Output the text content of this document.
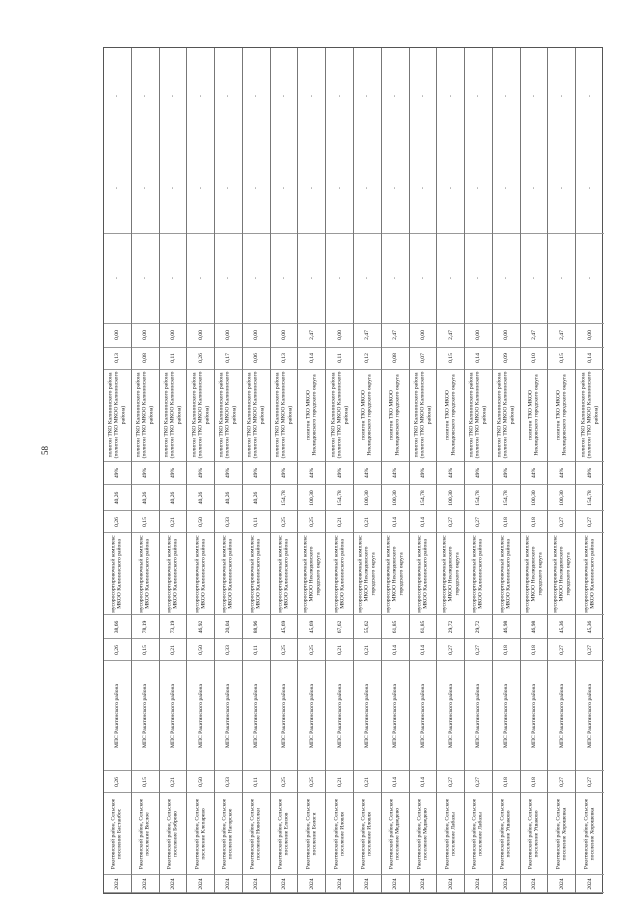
58
2024
Ракитянский район, Сельское поселение Бастанбос
0,26
МПС Ракитянского района
0,26
38,66
мусоросортировочный комплекс МКОО Калининского района
0,26
40,26
49%
полигон ТКО Калининского района (полигон ТКО МКОО Калининского района)
0,13
0,00
-
-
-
2024
Ракитянский район, Сельское поселение Вислое
0,15
МПС Ракитянского района
0,15
78,19
мусоросортировочный комплекс МКОО Калининского района
0,15
40,26
49%
полигон ТКО Калининского района (полигон ТКО МКОО Калининского района)
0,08
0,00
-
-
-
2024
Ракитянский район, Сельское поселение Боброво
0,21
МПС Ракитянского района
0,21
73,19
мусоросортировочный комплекс МКОО Калининского района
0,21
40,26
49%
полигон ТКО Калининского района (полигон ТКО МКОО Калининского района)
0,11
0,00
-
-
-
2024
Ракитянский район, Сельское поселение Клепарево
0,50
МПС Ракитянского района
0,50
46,92
мусоросортировочный комплекс МКОО Калининского района
0,50
40,26
49%
полигон ТКО Калининского района (полигон ТКО МКОО Калининского района)
0,26
0,00
-
-
-
2024
Ракитянский район, Сельское поселение Нагорское
0,33
МПС Ракитянского района
0,33
20,04
мусоросортировочный комплекс МКОО Калининского района
0,33
40,26
49%
полигон ТКО Калининского района (полигон ТКО МКОО Калининского района)
0,17
0,00
-
-
-
2024
Ракитянский район, Сельское поселение Новоселки
0,11
МПС Ракитянского района
0,11
88,96
мусоросортировочный комплекс МКОО Калининского района
0,11
40,26
49%
полигон ТКО Калининского района (полигон ТКО МКОО Калининского района)
0,06
0,00
-
-
-
2024
Ракитянский район, Сельское поселение Елизов
0,25
МПС Ракитянского района
0,25
45,69
мусоросортировочный комплекс МКОО Калининского района
0,25
154,78
49%
полигон ТКО Калининского района (полигон ТКО МКОО Калининского района)
0,13
0,00
-
-
-
2024
Ракитянский район, Сельское поселение Бологи
0,25
МПС Ракитянского района
0,25
45,69
мусоросортировочный комплекс МКОО Неклюдовского городского округа
0,25
100,30
44%
полигон ТКО МКОО Неклюдовского городского округа
0,14
2,47
-
-
-
2024
Ракитянский район, Сельское поселение Иловля
0,21
МПС Ракитянского района
0,21
67,62
мусоросортировочный комплекс МКОО Калининского района
0,21
154,78
49%
полигон ТКО Калининского района (полигон ТКО МКОО Калининского района)
0,11
0,00
-
-
-
2024
Ракитянский район, Сельское поселение Иловля
0,21
МПС Ракитянского района
0,21
55,62
мусоросортировочный комплекс МКОО Неклюдовского городского округа
0,21
100,30
44%
полигон ТКО МКОО Неклюдовского городского округа
0,12
2,47
-
-
-
2024
Ракитянский район, Сельское поселение Медведево
0,14
МПС Ракитянского района
0,14
61,85
мусоросортировочный комплекс МКОО Неклюдовского городского округа
0,14
100,30
44%
полигон ТКО МКОО Неклюдовского городского округа
0,08
2,47
-
-
-
2024
Ракитянский район, Сельское поселение Медведево
0,14
МПС Ракитянского района
0,14
61,85
мусоросортировочный комплекс МКОО Калининского района
0,14
154,78
49%
полигон ТКО Калининского района (полигон ТКО МКОО Калининского района)
0,07
0,00
-
-
-
2024
Ракитянский район, Сельское поселение Лабазы
0,27
МПС Ракитянского района
0,27
29,72
мусоросортировочный комплекс МКОО Неклюдовского городского округа
0,27
100,30
44%
полигон ТКО МКОО Неклюдовского городского округа
0,15
2,47
-
-
-
2024
Ракитянский район, Сельское поселение Лабазы
0,27
МПС Ракитянского района
0,27
29,72
мусоросортировочный комплекс МКОО Калининского района
0,27
154,78
49%
полигон ТКО Калининского района (полигон ТКО МКОО Калининского района)
0,14
0,00
-
-
-
2024
Ракитянский район, Сельское поселение Ушаково
0,18
МПС Ракитянского района
0,18
46,98
мусоросортировочный комплекс МКОО Калининского района
0,18
154,78
49%
полигон ТКО Калининского района (полигон ТКО МКОО Калининского района)
0,09
0,00
-
-
-
2024
Ракитянский район, Сельское поселение Ушаково
0,18
МПС Ракитянского района
0,18
46,98
мусоросортировочный комплекс МКОО Неклюдовского городского округа
0,18
100,30
44%
полигон ТКО МКОО Неклюдовского городского округа
0,10
2,47
-
-
-
2024
Ракитянский район, Сельское поселение Хорошевка
0,27
МПС Ракитянского района
0,27
45,36
мусоросортировочный комплекс МКОО Неклюдовского городского округа
0,27
100,30
44%
полигон ТКО МКОО Неклюдовского городского округа
0,15
2,47
-
-
-
2024
Ракитянский район, Сельское поселение Хорошевка
0,27
МПС Ракитянского района
0,27
45,36
мусоросортировочный комплекс МКОО Калининского района
0,27
154,78
49%
полигон ТКО Калининского района (полигон ТКО МКОО Калининского района)
0,14
0,00
-
-
-
